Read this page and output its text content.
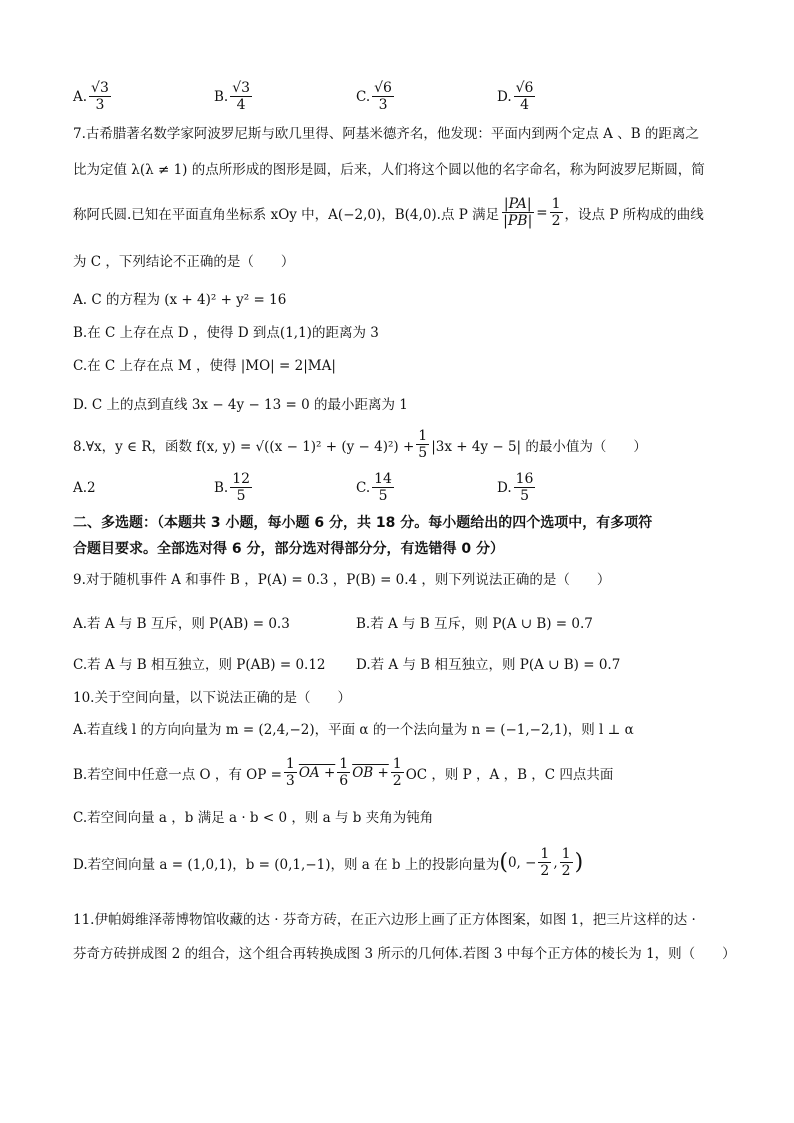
A. $\frac{√3}{3}$	B. $\frac{√3}{4}$	C. $\frac{√6}{3}$	D. $\frac{√6}{4}$
7.古希腊著名数学家阿波罗尼斯与欧几里得、阿基米德齐名，他发现：平面内到两个定点 A 、B 的距离之
比为定值 λ(λ ≠ 1) 的点所形成的图形是圆，后来，人们将这个圆以他的名字命名，称为阿波罗尼斯圆，简
称阿氏圆.已知在平面直角坐标系 xOy 中，A(−2,0)，B(4,0).点 P 满足 $\frac{|PA|}{|PB|} = \frac{1}{2}$ ，设点 P 所构成的曲线
为 C ，下列结论不正确的是（　　）
A. C 的方程为 (x + 4)² + y² = 16
B.在 C 上存在点 D ，使得 D 到点(1,1)的距离为 3
C.在 C 上存在点 M ，使得 |MO| = 2|MA|
D. C 上的点到直线 3x − 4y − 13 = 0 的最小距离为 1
8.∀x，y ∈ R，函数 f(x, $y) = √((x - 1)^2 + (y - 4)^2) + \frac{1}{5} |3x + 4y - 5|$ 的最小值为（　　）
A.2	B. $\frac{12}{5}$	C. $\frac{14}{5}$	D. $\frac{16}{5}$
二、多选题：（本题共 3 小题，每小题 6 分，共 18 分。每小题给出的四个选项中，有多项符
合题目要求。全部选对得 6 分，部分选对得部分分，有选错得 0 分）
9.对于随机事件 A 和事件 B ，P(A) = 0.3 ，P(B) = 0.4 ，则下列说法正确的是（　　）
A.若 A 与 B 互斥，则 P(AB) = 0.3	B.若 A 与 B 互斥，则 P(A ∪ B) = 0.7
C.若 A 与 B 相互独立，则 P(AB) = 0.12 D.若 A 与 B 相互独立，则 P(A ∪ B) = 0.7
10.关于空间向量，以下说法正确的是（　　）
A.若直线 l 的方向向量为 m = (2,4,−2)，平面 α 的一个法向量为 n = (−1,−2,1)，则 l ⊥ α
B.若空间中任意一点 O ，有 OP = $\frac{1}{3}$ OA + $\frac{1}{6}$ OB + $\frac{1}{2}$ OC ，则 P ，A ，B ，C 四点共面
C.若空间向量 a ，b 满足 a · b < 0 ，则 a 与 b 夹角为钝角
D.若空间向量 a = (1,0,1)，b = (0,1,−1)，则 a 在 b 上的投影向量为 ( 0, − $\frac{1}{2}$ , $\frac{1}{2}$ )
11.伊帕姆维泽蒂博物馆收藏的达 · 芬奇方砖，在正六边形上画了正方体图案，如图 1，把三片这样的达 ·
芬奇方砖拼成图 2 的组合，这个组合再转换成图 3 所示的几何体.若图 3 中每个正方体的棱长为 1，则（　　）
